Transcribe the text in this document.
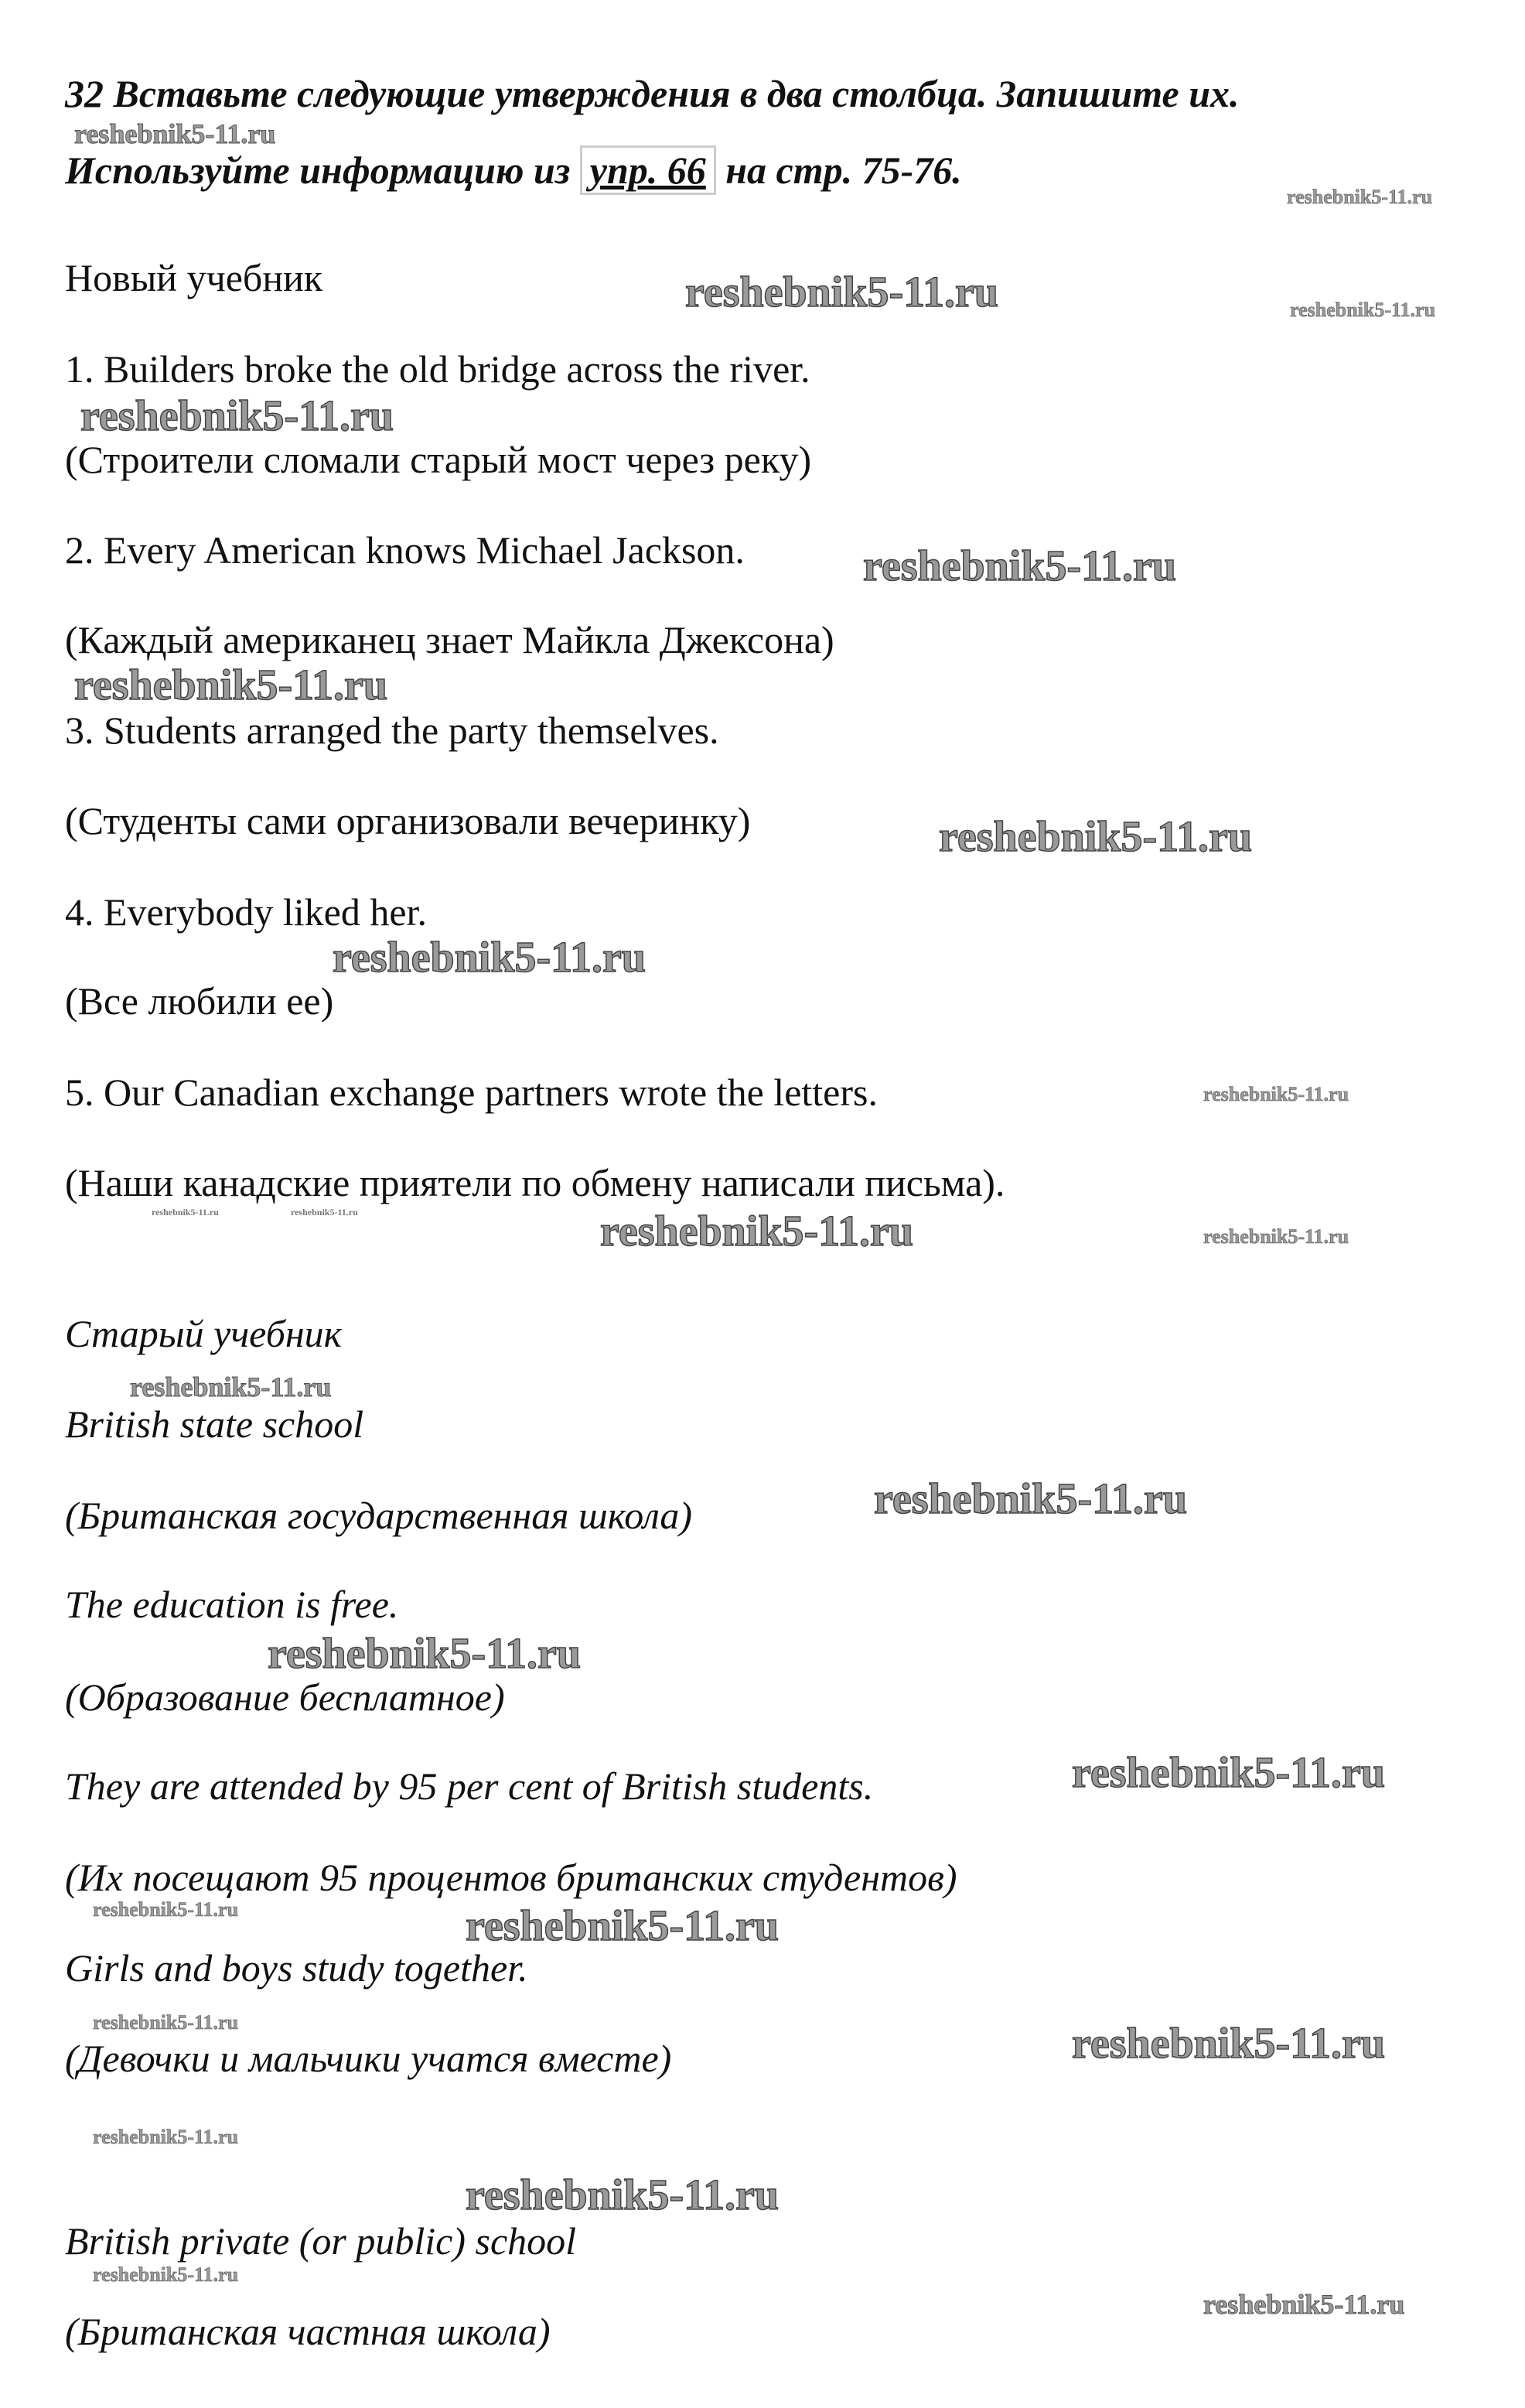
32 Вставьте следующие утверждения в два столбца. Запишите их.
Используйте информацию из упр. 66 на стр. 75-76.
Новый учебник
1. Builders broke the old bridge across the river.
(Строители сломали старый мост через реку)
2. Every American knows Michael Jackson.
(Каждый американец знает Майкла Джексона)
3. Students arranged the party themselves.
(Студенты сами организовали вечеринку)
4. Everybody liked her.
(Все любили ее)
5. Our Canadian exchange partners wrote the letters.
(Наши канадские приятели по обмену написали письма).
Старый учебник
British state school
(Британская государственная школа)
The education is free.
(Образование бесплатное)
They are attended by 95 per cent of British students.
(Их посещают 95 процентов британских студентов)
Girls and boys study together.
(Девочки и мальчики учатся вместе)
British private (or public) school
(Британская частная школа)
reshebnik5-11.ru
reshebnik5-11.ru
reshebnik5-11.ru	reshebnik5-11.ru
reshebnik5-11.ru
reshebnik5-11.ru
reshebnik5-11.ru
reshebnik5-11.ru
reshebnik5-11.ru
reshebnik5-11.ru
reshebnik5-11.ru	reshebnik5-11.ru	reshebnik5-11.ru	reshebnik5-11.ru
reshebnik5-11.ru
reshebnik5-11.ru
reshebnik5-11.ru
reshebnik5-11.ru
reshebnik5-11.ru	reshebnik5-11.ru
reshebnik5-11.ru	reshebnik5-11.ru
reshebnik5-11.ru
reshebnik5-11.ru
reshebnik5-11.ru
reshebnik5-11.ru
